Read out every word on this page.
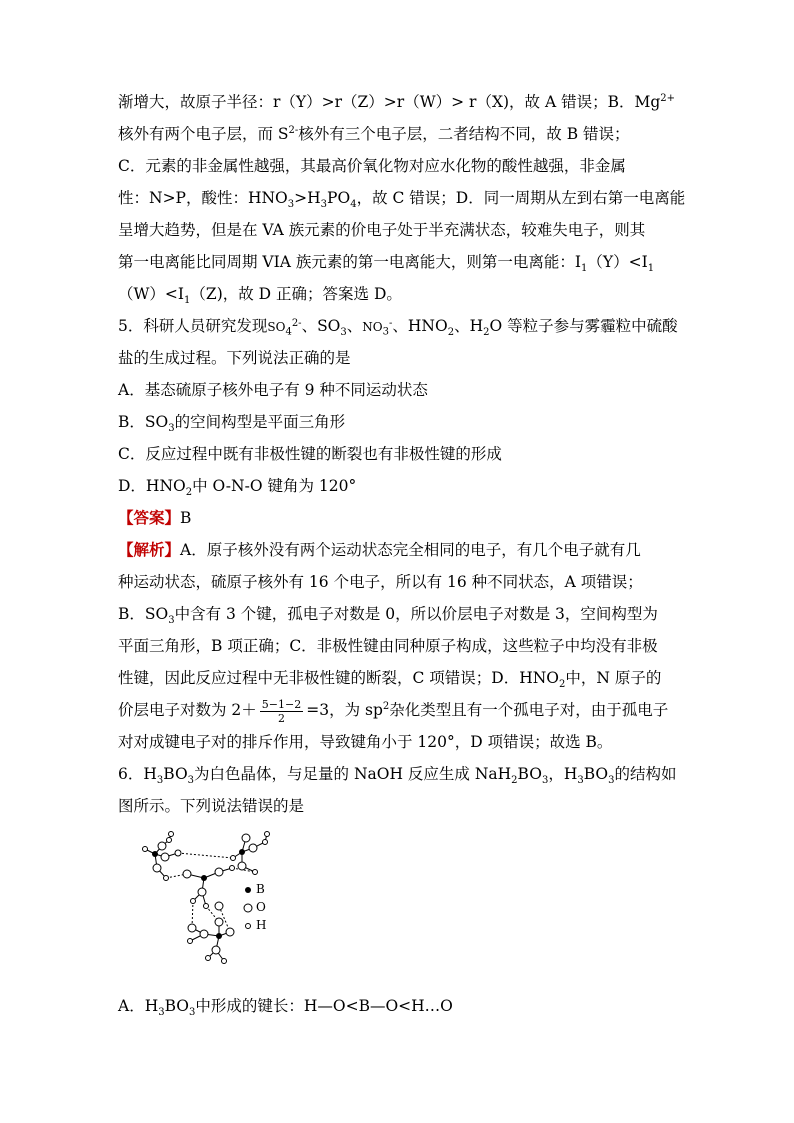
渐增大，故原子半径：r（Y）>r（Z）>r（W）> r（X)，故 A 错误；B．$Mg^{2+}$
核外有两个电子层，而 $S^{2-}$核外有三个电子层，二者结构不同，故 B 错误；
C．元素的非金属性越强，其最高价氧化物对应水化物的酸性越强，非金属
性：N>P，酸性：$HNO_3>H_3PO_4$，故 C 错误；D．同一周期从左到右第一电离能
呈增大趋势，但是在 VA 族元素的价电子处于半充满状态，较难失电子，则其
第一电离能比同周期 VIA 族元素的第一电离能大，则第一电离能：$I_1(Y)<I_1$
$(W)<I_1(Z)$，故 D 正确；答案选 D。
5．科研人员研究发现$SO_4^{2-}$、$SO_3$、$NO_3^-$、$HNO_2$、$H_2O$ 等粒子参与雾霾粒中硫酸
盐的生成过程。下列说法正确的是
A．基态硫原子核外电子有 9 种不同运动状态
B．$SO_3$的空间构型是平面三角形
C．反应过程中既有非极性键的断裂也有非极性键的形成
D．$HNO_2$中 O-N-O 键角为 120°
【答案】B
【解析】A．原子核外没有两个运动状态完全相同的电子，有几个电子就有几
种运动状态，硫原子核外有 16 个电子，所以有 16 种不同状态，A 项错误；
B．$SO_3$中含有 3 个键，孤电子对数是 0，所以价层电子对数是 3，空间构型为
平面三角形，B 项正确；C．非极性键由同种原子构成，这些粒子中均没有非极
性键，因此反应过程中无非极性键的断裂，C 项错误；D．$HNO_2$中，N 原子的
价层电子对数为 $2+ \frac{5-1-2}{2} =3$，为 $sp^2$杂化类型且有一个孤电子对，由于孤电子
对对成键电子对的排斥作用，导致键角小于 120°，D 项错误；故选 B。
6．$H_3BO_3$为白色晶体，与足量的 NaOH 反应生成 $NaH_2BO_3$，$H_3BO_3$的结构如
图所示。下列说法错误的是
B
O
H
A．$H_3BO_3$中形成的键长：H—O<B—O<H…O
